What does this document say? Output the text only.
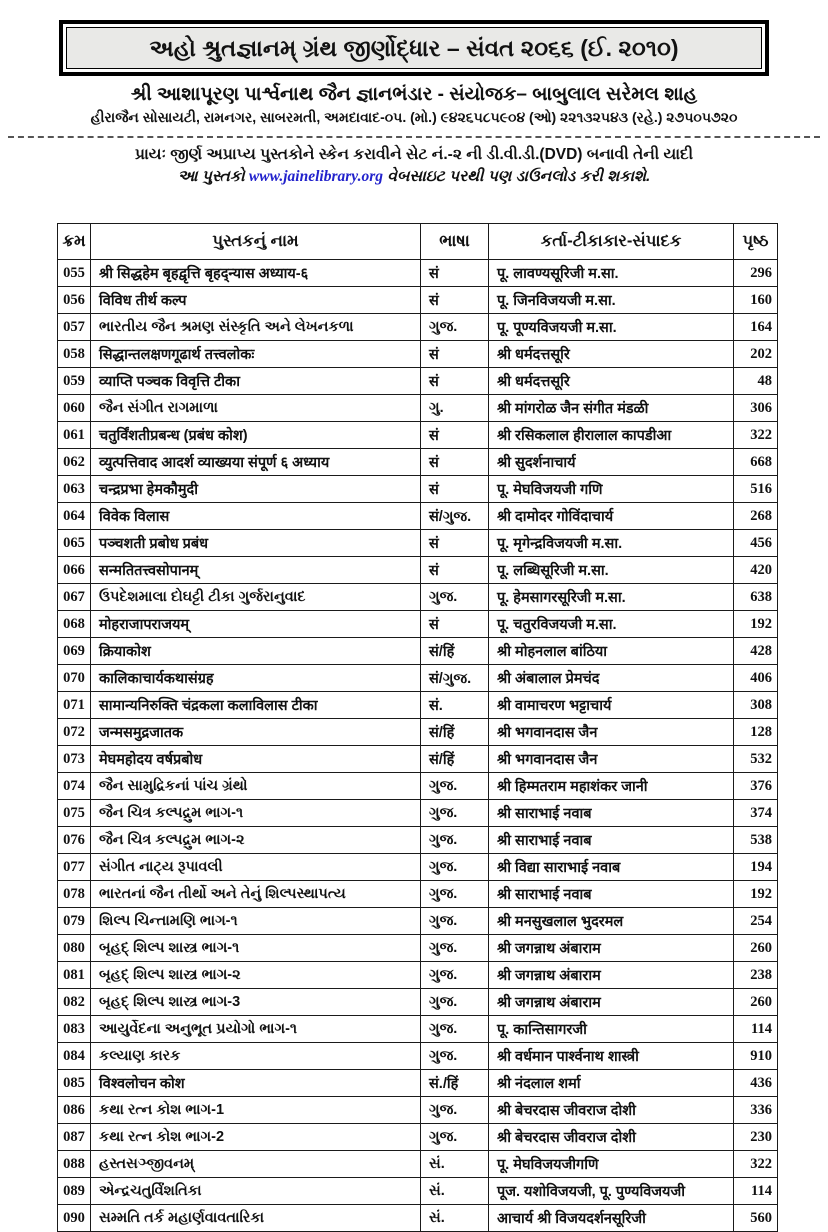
અહો શ્રુતજ્ઞાનમ્ ગ્રંથ જીર્ણોદ્ધાર – સંવત ૨૦૬૬ (ઈ. ૨૦૧૦)
શ્રી આશાપૂરણ પાર્શ્વનાથ જૈન જ્ઞાનભંડાર - સંયોજક– બાબુલાલ સરેમલ શાહ
હીરાજૈન સોસાયટી, રામનગર, સાબરમતી, અમદાવાદ-૦૫. (મો.) ૯૪૨૬૫૮૫૯૦૪ (ઓ) ૨૨૧૩૨૫૪૩ (રહે.) ૨૭૫૦૫૭૨૦
પ્રાયઃ જીર્ણ અપ્રાપ્ય પુસ્તકોને સ્કેન કરાવીને સેટ નં.-૨ ની ડી.વી.ડી.(DVD) બનાવી તેની યાદી
આ પુસ્તકો www.jainelibrary.org વેબસાઇટ પરથી પણ ડાઉનલોડ કરી શકાશે.
ક્રમ	પુસ્તકનું નામ	ભાષા	કર્તા-ટીકાકાર-સંપાદક	પૃષ્ઠ
055	श्री सिद्धहेम बृहद्वृत्ति बृहद्न्यास अध्याय-६	सं	पू. लावण्यसूरिजी म.सा.	296
056	विविध तीर्थ कल्प	सं	पू. जिनविजयजी म.सा.	160
057	ભારતીય જૈન શ્રમણ સંસ્કૃતિ અને લેખનકળા	ગુજ.	पू. पूण्यविजयजी म.सा.	164
058	सिद्धान्तलक्षणगूढार्थ तत्त्वलोकः	सं	श्री धर्मदत्तसूरि	202
059	व्याप्ति पञ्चक विवृत्ति टीका	सं	श्री धर्मदत्तसूरि	48
060	જૈન સંગીત રાગમાળા	ગુ.	श्री मांगरोळ जैन संगीत मंडळी	306
061	चतुर्विंशतीप्रबन्ध (प्रबंध कोश)	सं	श्री रसिकलाल हीरालाल कापडीआ	322
062	व्युत्पत्तिवाद आदर्श व्याख्यया संपूर्ण ६ अध्याय	सं	श्री सुदर्शनाचार्य	668
063	चन्द्रप्रभा हेमकौमुदी	सं	पू. मेघविजयजी गणि	516
064	विवेक विलास	सं/ગુજ.	श्री दामोदर गोविंदाचार्य	268
065	पञ्चशती प्रबोध प्रबंध	सं	पू. मृगेन्द्रविजयजी म.सा.	456
066	सन्मतितत्त्वसोपानम्	सं	पू. लब्धिसूरिजी म.सा.	420
067	ઉપદેશમાલા દોઘટ્ટી ટીકા ગુર્જરાનુવાદ	ગુજ.	पू. हेमसागरसूरिजी म.सा.	638
068	मोहराजापराजयम्	सं	पू. चतुरविजयजी म.सा.	192
069	क्रियाकोश	सं/हिं	श्री मोहनलाल बांठिया	428
070	कालिकाचार्यकथासंग्रह	सं/ગુજ.	श्री अंबालाल प्रेमचंद	406
071	सामान्यनिरुक्ति चंद्रकला कलाविलास टीका	सं.	श्री वामाचरण भट्टाचार्य	308
072	जन्मसमुद्रजातक	सं/हिं	श्री भगवानदास जैन	128
073	मेघमहोदय वर्षप्रबोध	सं/हिं	श्री भगवानदास जैन	532
074	જૈન સામુદ્રિકનાં પાંચ ગ્રંથો	ગુજ.	श्री हिम्मतराम महाशंकर जानी	376
075	જૈન ચિત્ર કલ્પદ્રુમ ભાગ-૧	ગુજ.	श्री साराभाई नवाब	374
076	જૈન ચિત્ર કલ્પદ્રુમ ભાગ-૨	ગુજ.	श्री साराभाई नवाब	538
077	સંગીત નાટ્ય રૂપાવલી	ગુજ.	श्री विद्या साराभाई नवाब	194
078	ભારતનાં જૈન તીર્થો અને તેનું શિલ્પસ્થાપત્ય	ગુજ.	श्री साराभाई नवाब	192
079	શિલ્પ ચિન્તામણિ ભાગ-૧	ગુજ.	श्री मनसुखलाल भुदरमल	254
080	બૃહદ્ શિલ્પ શાસ્ત્ર ભાગ-૧	ગુજ.	श्री जगन्नाथ अंबाराम	260
081	બૃહદ્ શિલ્પ શાસ્ત્ર ભાગ-૨	ગુજ.	श्री जगन्नाथ अंबाराम	238
082	બૃહદ્ શિલ્પ શાસ્ત્ર ભાગ-3	ગુજ.	श्री जगन्नाथ अंबाराम	260
083	આયુર્વેદના અનુભૂત પ્રયોગો ભાગ-૧	ગુજ.	पू. कान्तिसागरजी	114
084	કલ્યાણ કારક	ગુજ.	श्री वर्धमान पार्श्वनाथ शास्त्री	910
085	विश्वलोचन कोश	सं./हिं	श्री नंदलाल शर्मा	436
086	કથા રત્ન કોશ ભાગ-1	ગુજ.	श्री बेचरदास जीवराज दोशी	336
087	કથા રત્ન કોશ ભાગ-2	ગુજ.	श्री बेचरदास जीवराज दोशी	230
088	હસ્તસઞ્જીવનમ્	સં.	पू. मेघविजयजीगणि	322
089	એન્દ્રચતુર્વિંશતિકા	સં.	पूज. यशोविजयजी, पू. पुण्यविजयजी	114
090	સમ્મતિ તર્ક મહાર્ણવાવતારિકા	સં.	आचार्य श्री विजयदर्शनसूरिजी	560
